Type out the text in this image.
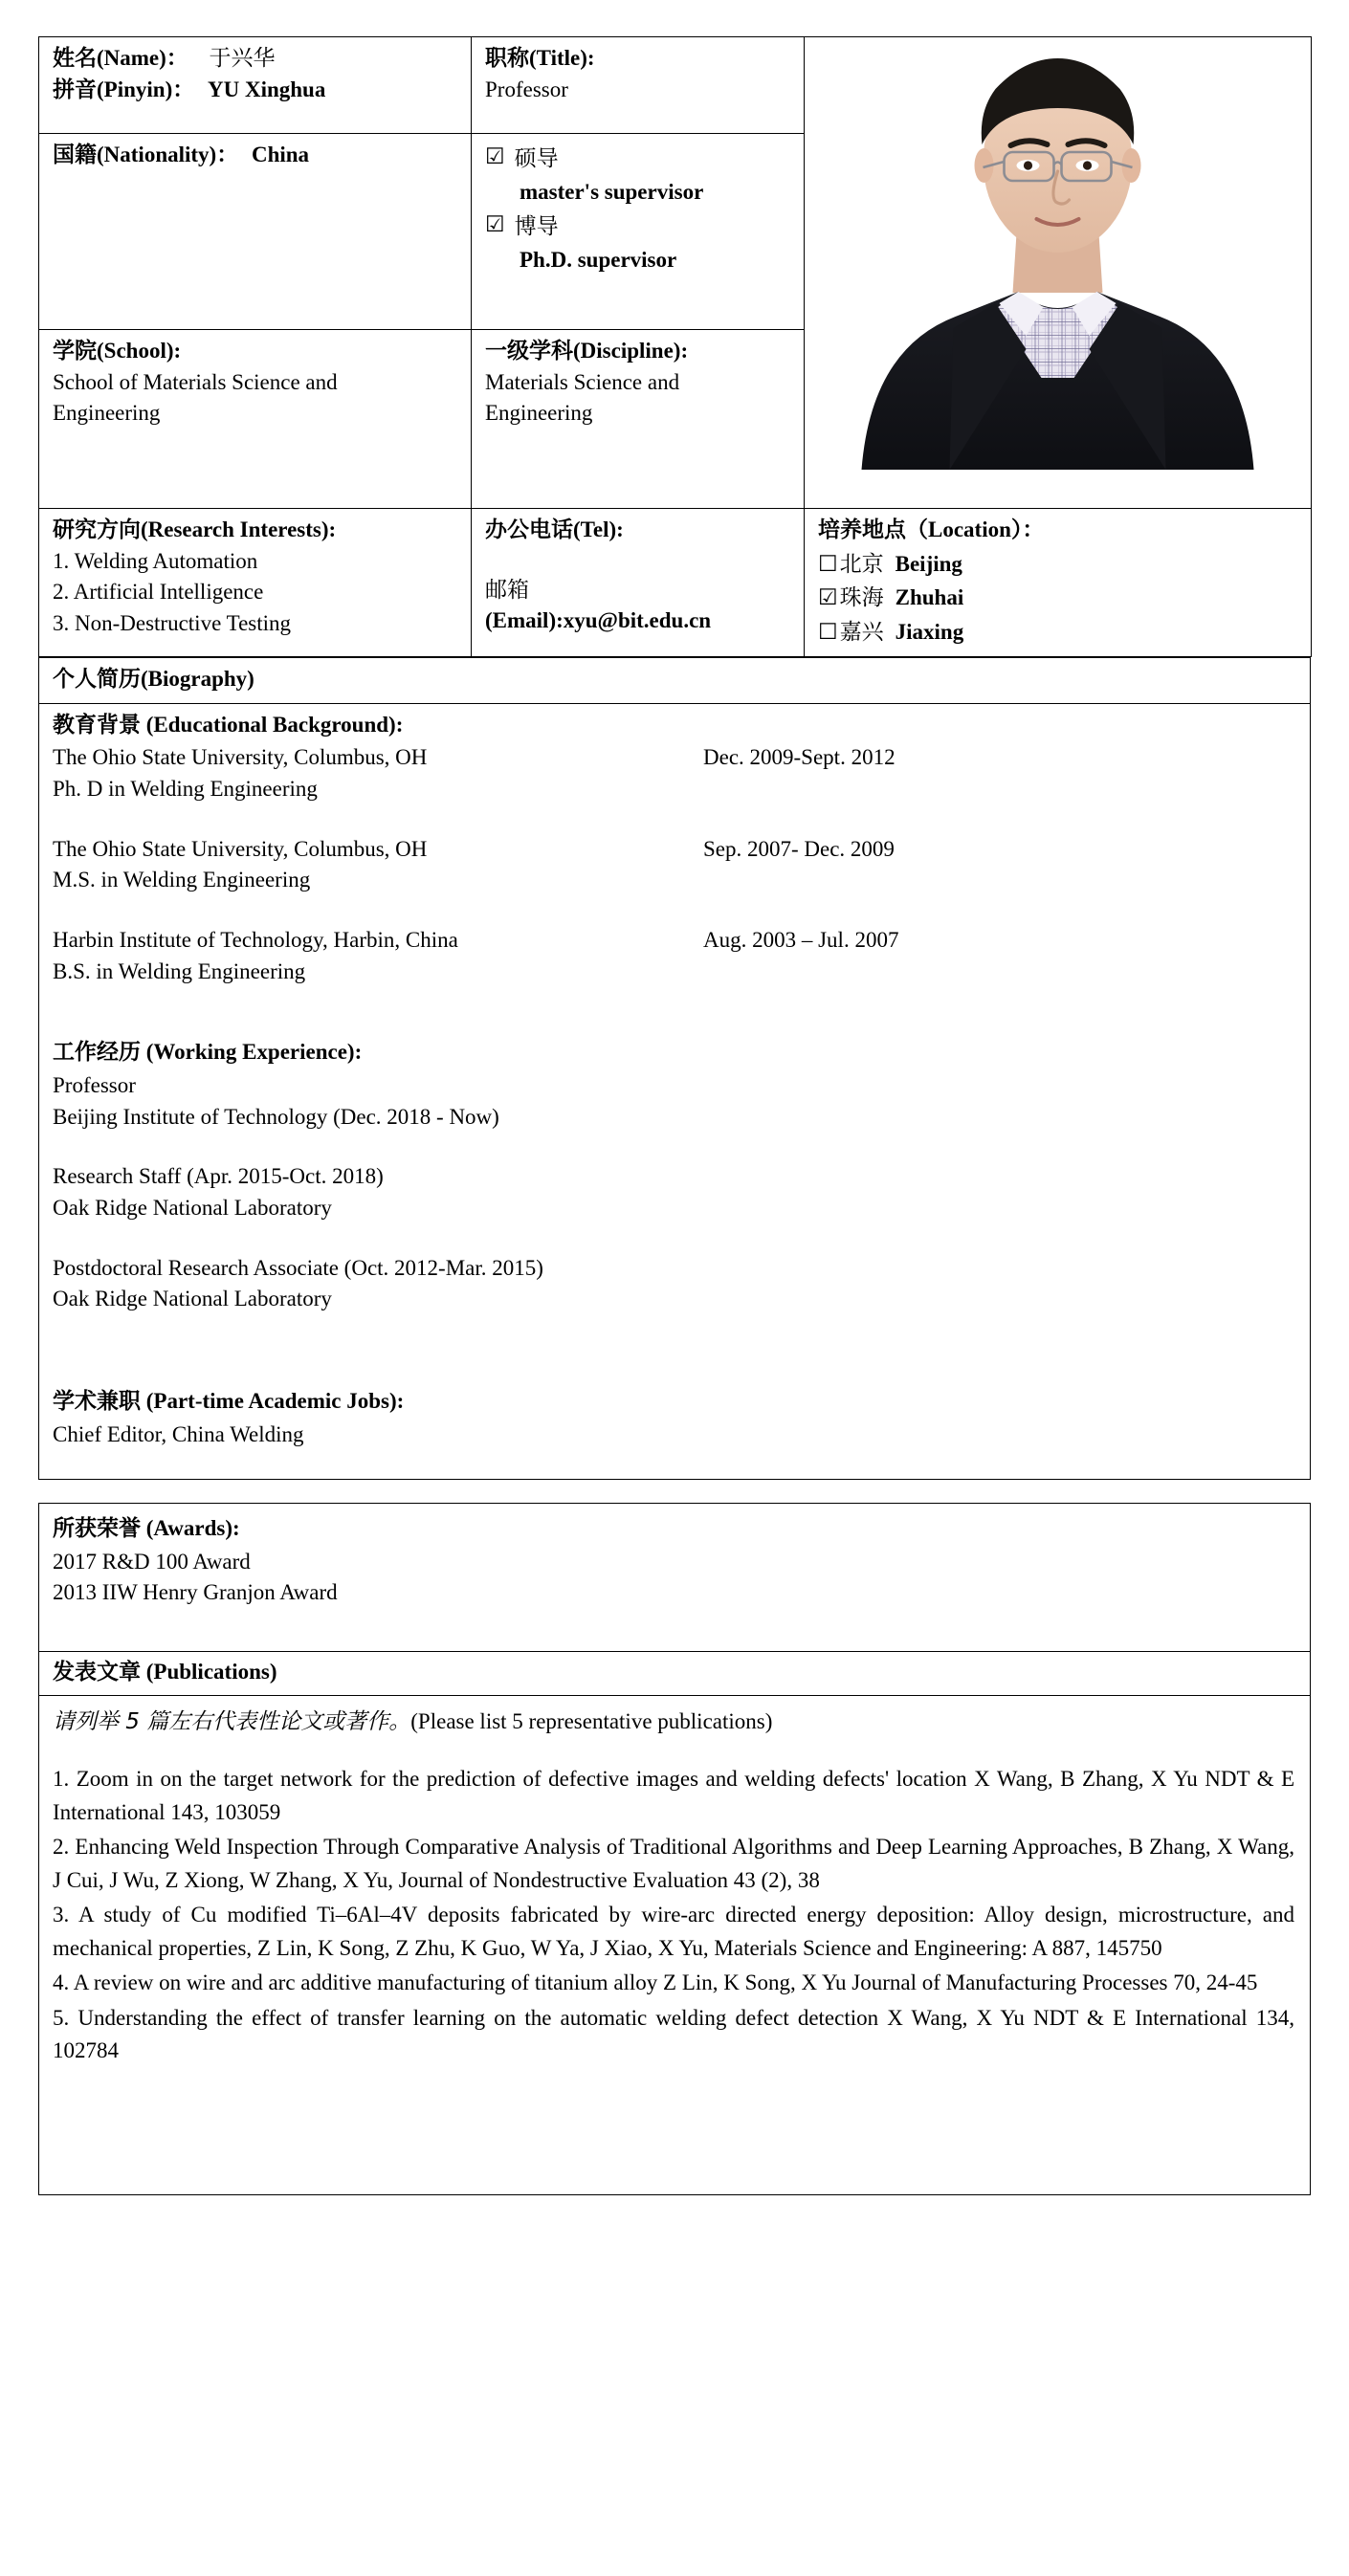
姓名(Name)： 于兴华
拼音(Pinyin)： YU Xinghua

职称(Title):
Professor

国籍(Nationality)： China	☑ 硕导
master's supervisor
☑ 博导
Ph.D. supervisor

学院(School):
School of Materials Science and
Engineering

一级学科(Discipline):
Materials Science and
Engineering

研究方向(Research Interests):
1. Welding Automation
2. Artificial Intelligence
3. Non-Destructive Testing

办公电话(Tel):
邮箱
(Email):xyu@bit.edu.cn

培养地点（Location）：
☐ 北京 Beijing
☑ 珠海 Zhuhai
☐ 嘉兴 Jiaxing
个人简历(Biography)

教育背景 (Educational Background):
The Ohio State University, Columbus, OH	Dec. 2009-Sept. 2012
Ph. D in Welding Engineering
The Ohio State University, Columbus, OH	Sep. 2007- Dec. 2009
M.S. in Welding Engineering
Harbin Institute of Technology, Harbin, China	Aug. 2003 – Jul. 2007
B.S. in Welding Engineering
工作经历 (Working Experience):
Professor
Beijing Institute of Technology (Dec. 2018 - Now)
Research Staff (Apr. 2015-Oct. 2018)
Oak Ridge National Laboratory
Postdoctoral Research Associate (Oct. 2012-Mar. 2015)
Oak Ridge National Laboratory
学术兼职 (Part-time Academic Jobs):
Chief Editor, China Welding
所获荣誉 (Awards):
2017 R&D 100 Award
2013 IIW Henry Granjon Award
发表文章 (Publications)

请列举 5 篇左右代表性论文或著作。(Please list 5 representative publications)

1. Zoom in on the target network for the prediction of defective images and welding defects' location X Wang, B Zhang, X Yu NDT & E International 143, 103059

2. Enhancing Weld Inspection Through Comparative Analysis of Traditional Algorithms and Deep Learning Approaches, B Zhang, X Wang, J Cui, J Wu, Z Xiong, W Zhang, X Yu, Journal of Nondestructive Evaluation 43 (2), 38

3. A study of Cu modified Ti–6Al–4V deposits fabricated by wire-arc directed energy deposition: Alloy design, microstructure, and mechanical properties, Z Lin, K Song, Z Zhu, K Guo, W Ya, J Xiao, X Yu, Materials Science and Engineering: A 887, 145750

4. A review on wire and arc additive manufacturing of titanium alloy Z Lin, K Song, X Yu Journal of Manufacturing Processes 70, 24-45

5. Understanding the effect of transfer learning on the automatic welding defect detection X Wang, X Yu NDT & E International 134, 102784
